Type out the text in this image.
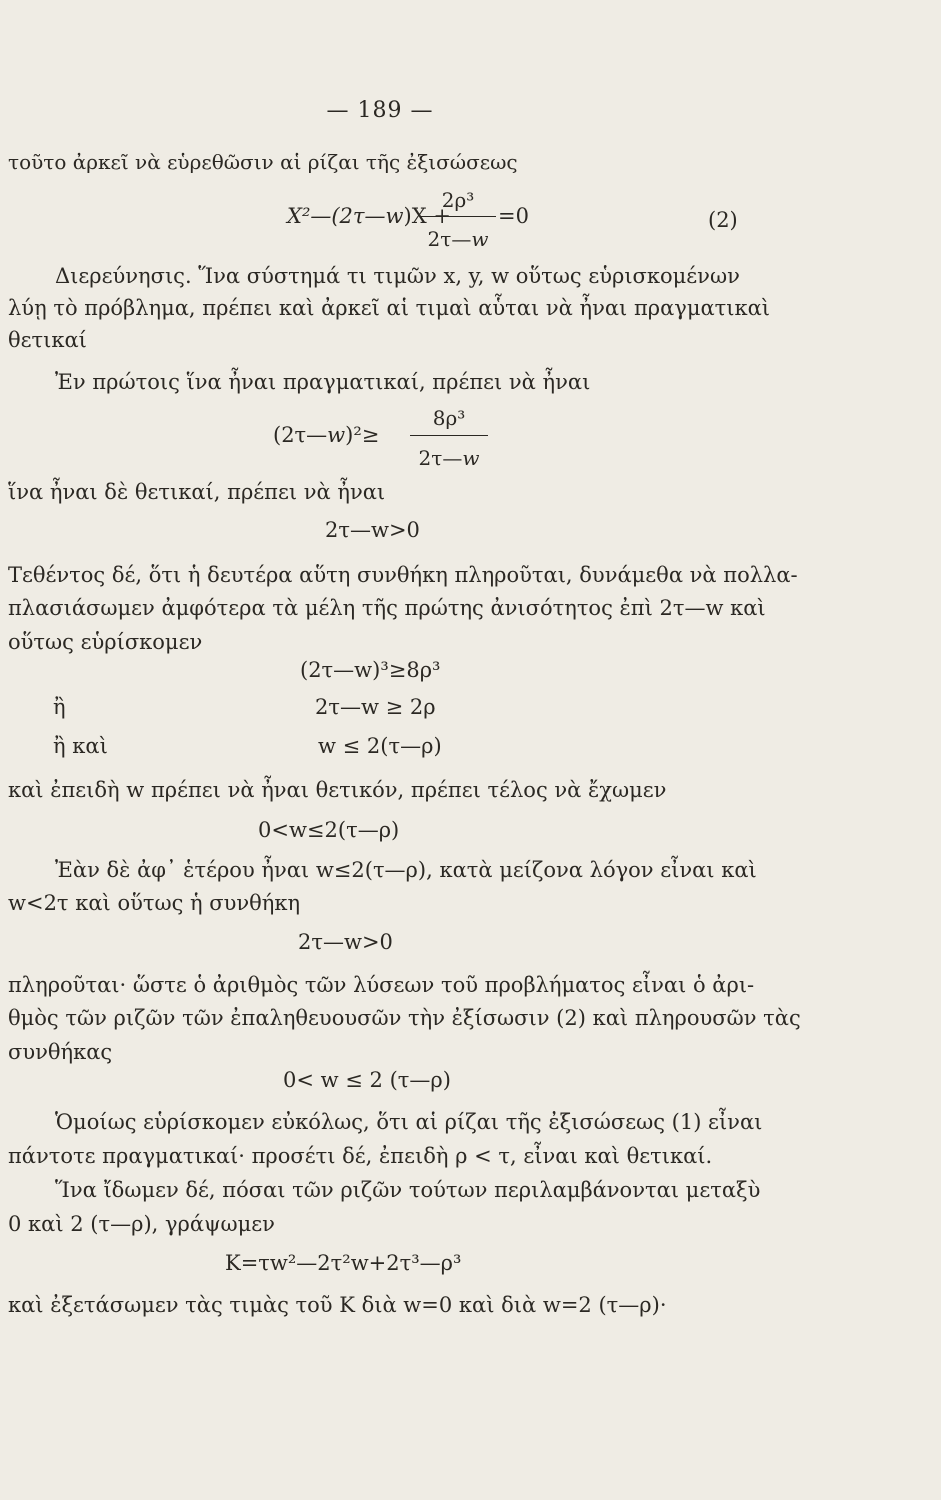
— 189 —
τοῦτο ἀρκεῖ νὰ εὑρεθῶσιν αἱ ρίζαι τῆς ἐξισώσεως
X²—(2τ—w)X +
2ρ³
2τ—w
=0	(2)
Διερεύνησις. Ἵνα σύστημά τι τιμῶν x, y, w οὕτως εὑρισκομένων
λύῃ τὸ πρόβλημα, πρέπει καὶ ἀρκεῖ αἱ τιμαὶ αὗται νὰ ἦναι πραγματικαὶ
θετικαί
Ἐν πρώτοις ἵνα ἦναι πραγματικαί, πρέπει νὰ ἦναι
(2τ—w)²≥
8ρ³
2τ—w
ἵνα ἦναι δὲ θετικαί, πρέπει νὰ ἦναι
2τ—w>0
Τεθέντος δέ, ὅτι ἡ δευτέρα αὕτη συνθήκη πληροῦται, δυνάμεθα νὰ πολλα-
πλασιάσωμεν ἀμφότερα τὰ μέλη τῆς πρώτης ἀνισότητος ἐπὶ 2τ—w καὶ
οὕτως εὑρίσκομεν
(2τ—w)³≥8ρ³
ἢ	2τ—w ≥ 2ρ
ἢ καὶ	w ≤ 2(τ—ρ)
καὶ ἐπειδὴ w πρέπει νὰ ἦναι θετικόν, πρέπει τέλος νὰ ἔχωμεν
0<w≤2(τ—ρ)
Ἐὰν δὲ ἀφ᾽ ἑτέρου ἦναι w≤2(τ—ρ), κατὰ μείζονα λόγον εἶναι καὶ
w<2τ καὶ οὕτως ἡ συνθήκη
2τ—w>0
πληροῦται· ὥστε ὁ ἀριθμὸς τῶν λύσεων τοῦ προβλήματος εἶναι ὁ ἀρι-
θμὸς τῶν ριζῶν τῶν ἐπαληθευουσῶν τὴν ἐξίσωσιν (2) καὶ πληρουσῶν τὰς
συνθήκας
0< w ≤ 2 (τ—ρ)
Ὁμοίως εὑρίσκομεν εὐκόλως, ὅτι αἱ ρίζαι τῆς ἐξισώσεως (1) εἶναι
πάντοτε πραγματικαί· προσέτι δέ, ἐπειδὴ ρ < τ, εἶναι καὶ θετικαί.
Ἵνα ἴδωμεν δέ, πόσαι τῶν ριζῶν τούτων περιλαμβάνονται μεταξὺ
0 καὶ 2 (τ—ρ), γράψωμεν
K=τw²—2τ²w+2τ³—ρ³
καὶ ἐξετάσωμεν τὰς τιμὰς τοῦ K διὰ w=0 καὶ διὰ w=2 (τ—ρ)·
